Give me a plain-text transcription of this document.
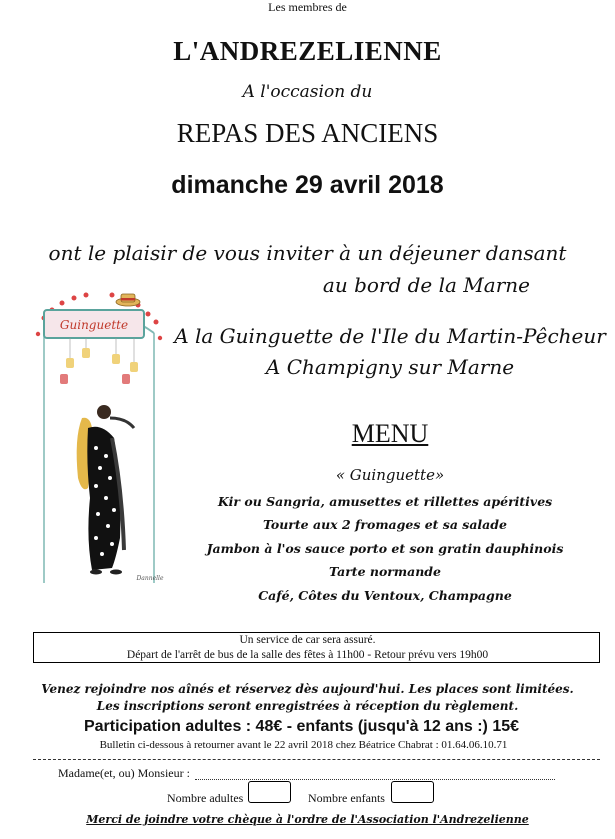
Les membres de
L'ANDREZELIENNE
A l'occasion du
REPAS DES ANCIENS
dimanche 29 avril 2018
ont le plaisir de vous inviter à un déjeuner dansant
au bord de la Marne
A la Guinguette de l'Ile du Martin-Pêcheur
A Champigny sur Marne
Guinguette
Dannelle
MENU
« Guinguette»
Kir ou Sangria, amusettes et rillettes apéritives
Tourte aux 2 fromages et sa salade
Jambon à l'os sauce porto et son gratin dauphinois
Tarte normande
Café, Côtes du Ventoux, Champagne
Un service de car sera assuré.
Départ de l'arrêt de bus de la salle des fêtes à 11h00 - Retour prévu vers 19h00
Venez rejoindre nos aînés et réservez dès aujourd'hui. Les places sont limitées.
Les inscriptions seront enregistrées à réception du règlement.
Participation adultes : 48€ - enfants (jusqu'à 12 ans :) 15€
Bulletin ci-dessous à retourner avant le 22 avril 2018 chez Béatrice Chabrat : 01.64.06.10.71
Madame(et, ou) Monsieur :
Nombre adultes	Nombre enfants
Merci de joindre votre chèque à l'ordre de l'Association l'Andrezelienne
